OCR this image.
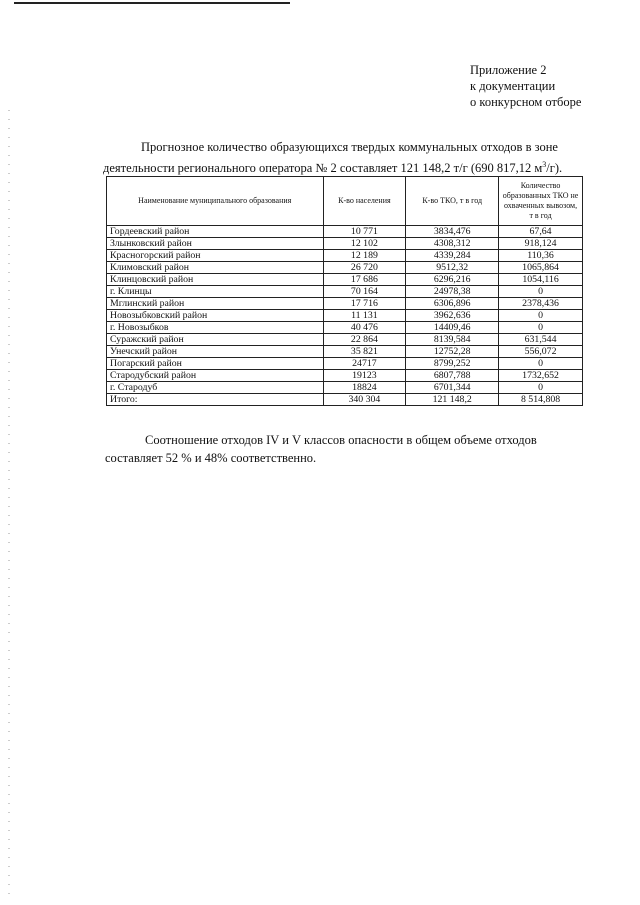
Приложение 2
к документации
о конкурсном отборе
Прогнозное количество образующихся твердых коммунальных отходов в зоне
деятельности регионального оператора № 2 составляет 121 148,2 т/г (690 817,12 $м^3/г$).
Наименование муниципального образования	К-во населения	К-во ТКО, т в год	Количество образованных ТКО не охваченных вывозом, т в год
Гордеевский район	10 771	3834,476	67,64
Злынковский район	12 102	4308,312	918,124
Красногорский район	12 189	4339,284	110,36
Климовский район	26 720	9512,32	1065,864
Клинцовский район	17 686	6296,216	1054,116
г. Клинцы	70 164	24978,38	0
Мглинский район	17 716	6306,896	2378,436
Новозыбковский район	11 131	3962,636	0
г. Новозыбков	40 476	14409,46	0
Суражский район	22 864	8139,584	631,544
Унечский район	35 821	12752,28	556,072
Погарский район	24717	8799,252	0
Стародубский район	19123	6807,788	1732,652
г. Стародуб	18824	6701,344	0
Итого:	340 304	121 148,2	8 514,808
Соотношение отходов IV и V классов опасности в общем объеме отходов
составляет 52 % и 48% соответственно.
